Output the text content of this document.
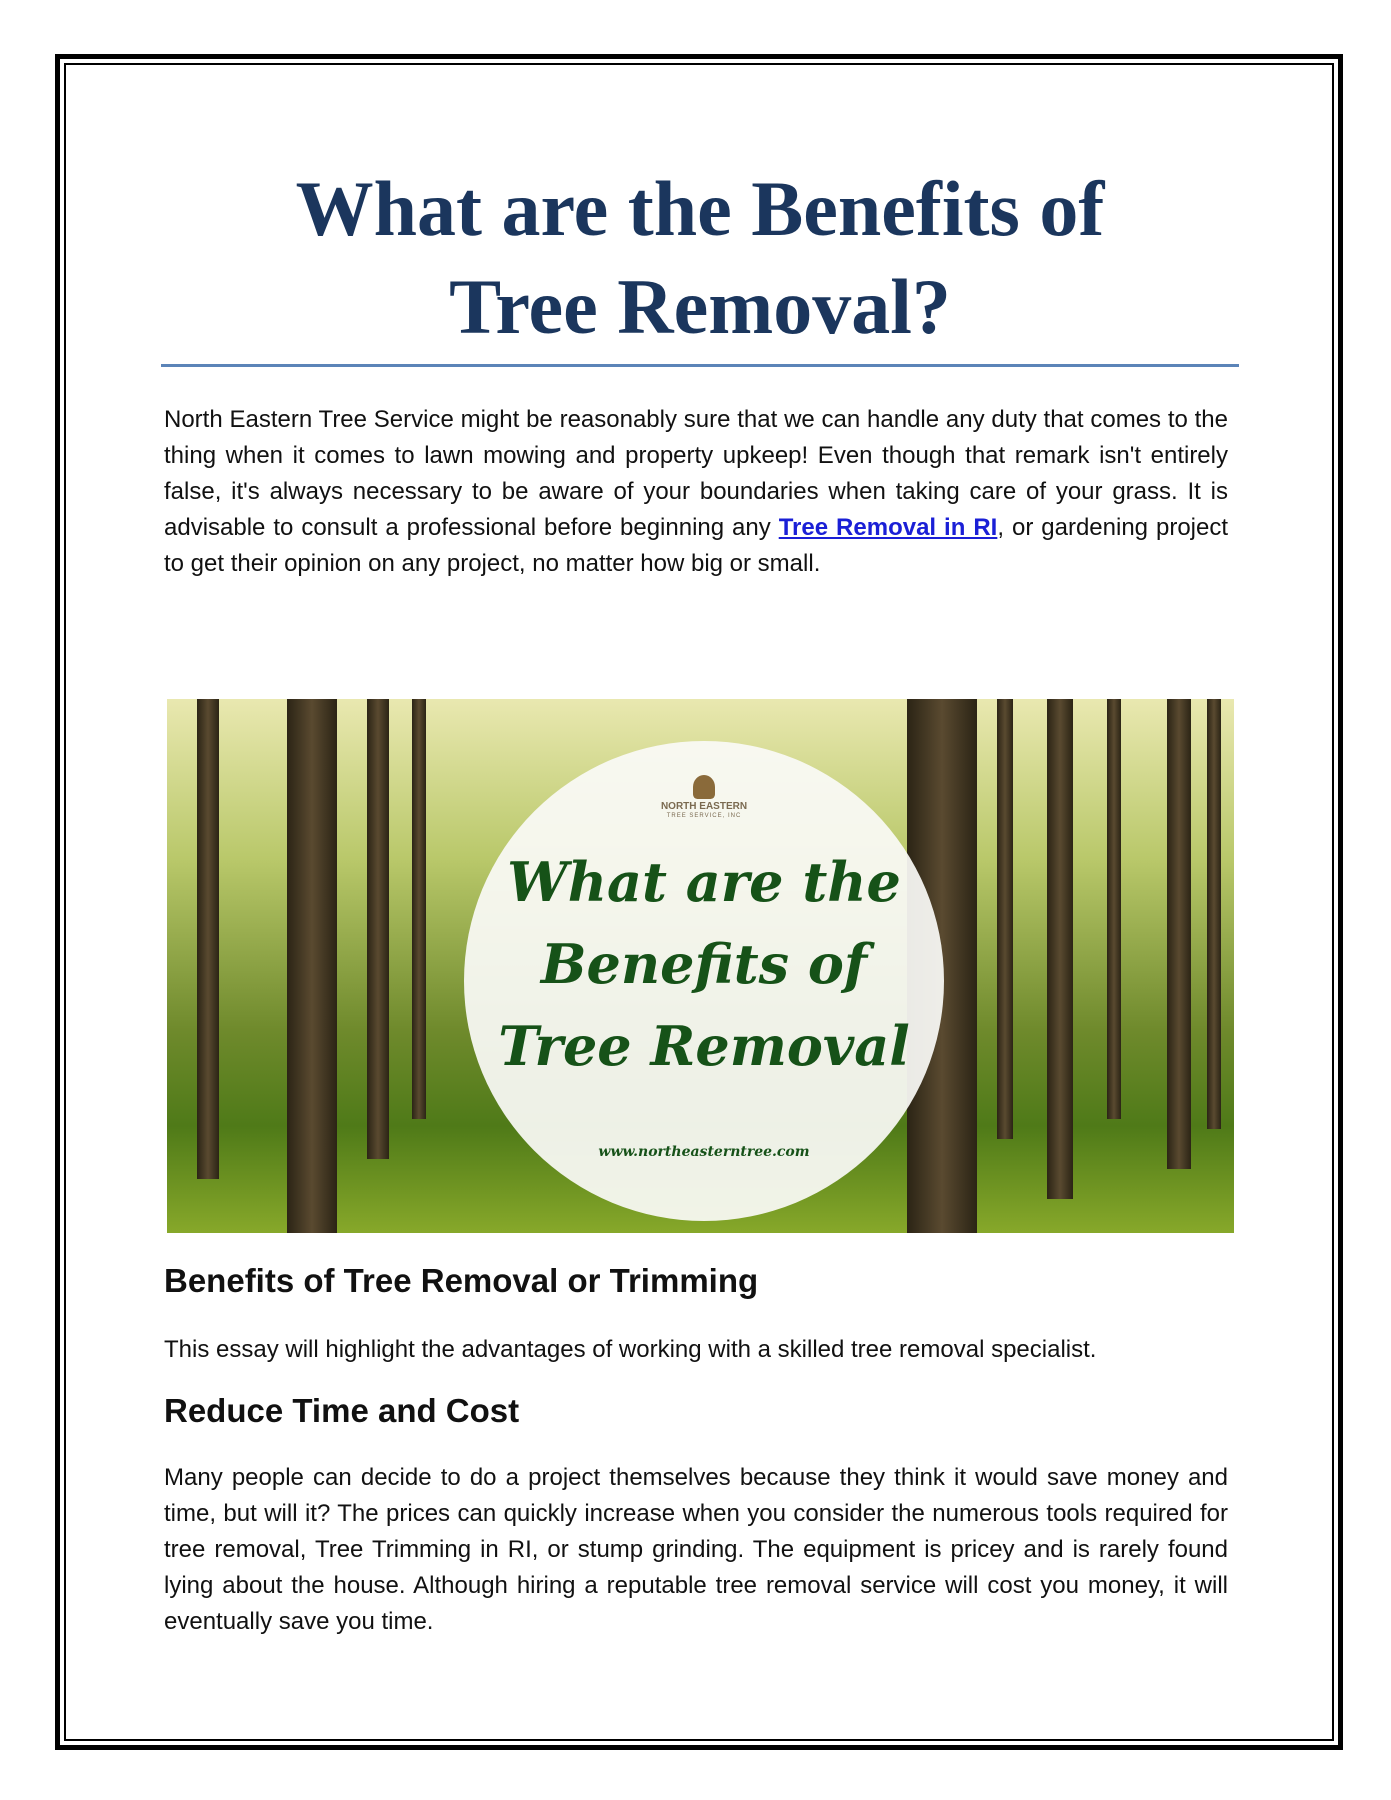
What are the Benefits of
Tree Removal?

North Eastern Tree Service might be reasonably sure that we can handle any duty that comes to the thing when it comes to lawn mowing and property upkeep! Even though that remark isn't entirely false, it's always necessary to be aware of your boundaries when taking care of your grass. It is advisable to consult a professional before beginning any Tree Removal in RI, or gardening project to get their opinion on any project, no matter how big or small.

NORTH EASTERN
TREE SERVICE, INC
What are the
Benefits of
Tree Removal
www.northeasterntree.com
Benefits of Tree Removal or Trimming

This essay will highlight the advantages of working with a skilled tree removal specialist.

Reduce Time and Cost

Many people can decide to do a project themselves because they think it would save money and time, but will it? The prices can quickly increase when you consider the numerous tools required for tree removal, Tree Trimming in RI, or stump grinding. The equipment is pricey and is rarely found lying about the house. Although hiring a reputable tree removal service will cost you money, it will eventually save you time.
